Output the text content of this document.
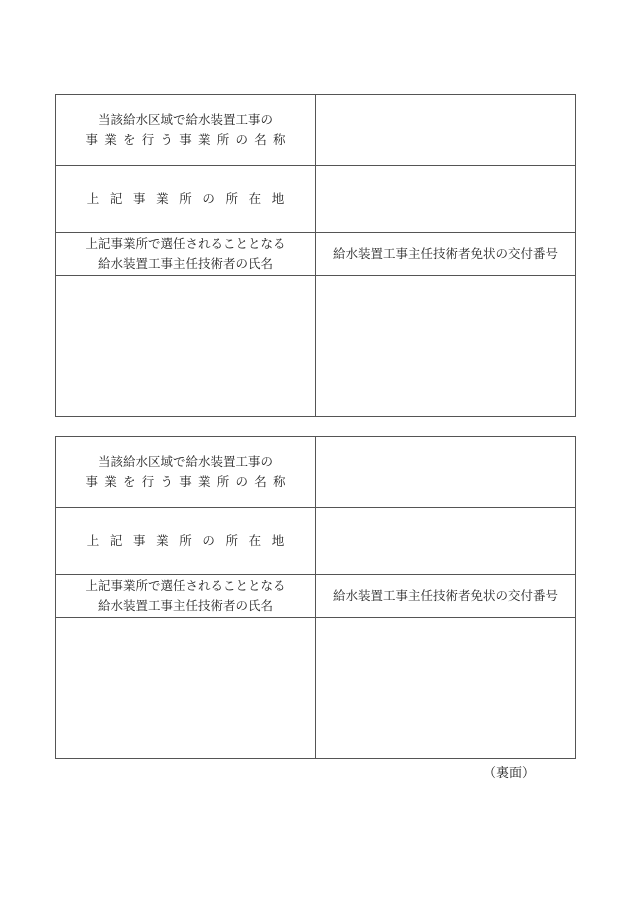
当該給水区域で給水装置工事の
事業を行う事業所の名称	

上記事業所の所在地	

上記事業所で選任されることとなる
給水装置工事主任技術者の氏名	給水装置工事主任技術者免状の交付番号

当該給水区域で給水装置工事の
事業を行う事業所の名称	

上記事業所の所在地	

上記事業所で選任されることとなる
給水装置工事主任技術者の氏名	給水装置工事主任技術者免状の交付番号

（裏面）
